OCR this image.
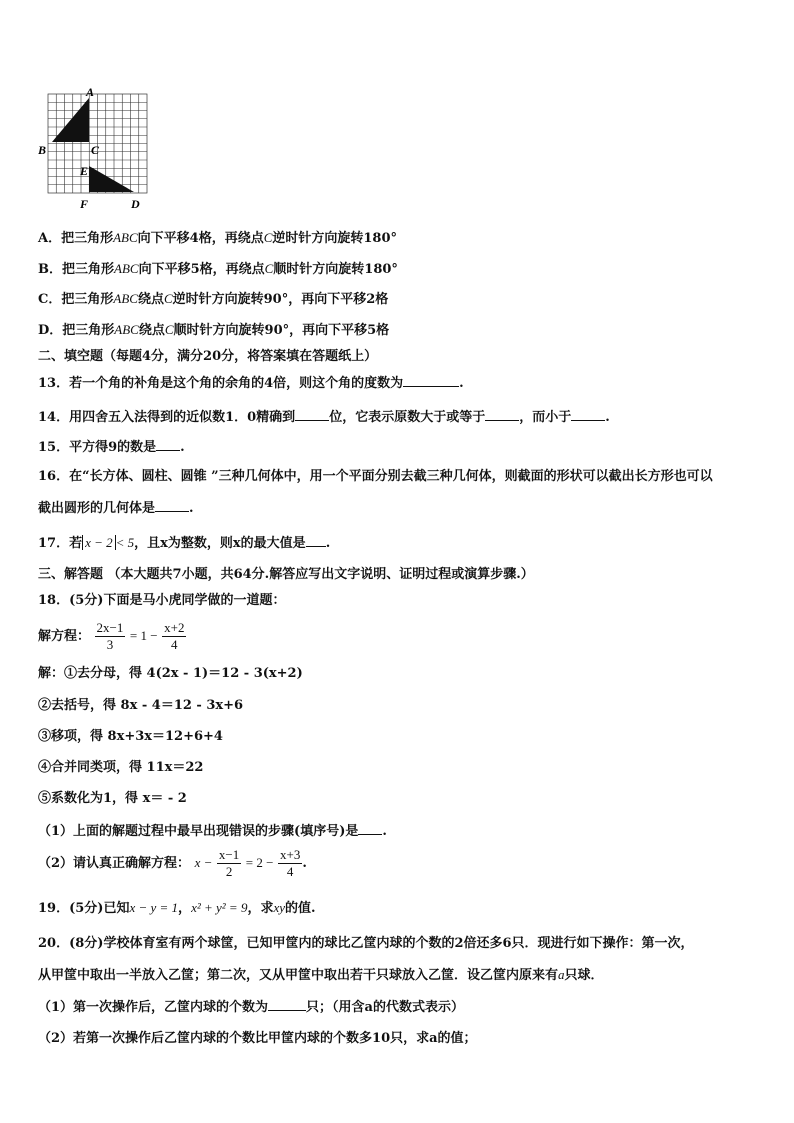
A
B	C
E
F	D
A．把三角形ABC向下平移4格，再绕点C逆时针方向旋转180°
B．把三角形ABC向下平移5格，再绕点C顺时针方向旋转180°
C．把三角形ABC绕点C逆时针方向旋转90°，再向下平移2格
D．把三角形ABC绕点C顺时针方向旋转90°，再向下平移5格
二、填空题（每题4分，满分20分，将答案填在答题纸上）
13．若一个角的补角是这个角的余角的4倍，则这个角的度数为	.
14．用四舍五入法得到的近似数1．0精确到	位，它表示原数大于或等于	，而小于	.
15．平方得9的数是 .
16．在“长方体、圆柱、圆锥 ”三种几何体中，用一个平面分别去截三种几何体，则截面的形状可以截出长方形也可以
截出圆形的几何体是	.
17．若 x − 2 < 5，且x为整数，则x的最大值是 .
三、解答题 （本大题共7小题，共64分.解答应写出文字说明、证明过程或演算步骤.）
18．(5分)下面是马小虎同学做的一道题：
解方程： $\frac{2x-1}{3} = 1 - \frac{x+2}{4}$
解：①去分母，得 4(2x - 1)＝12 - 3(x+2)
②去括号，得 8x - 4＝12 - 3x+6
③移项，得 8x+3x＝12+6+4
④合并同类项，得 11x＝22
⑤系数化为1，得 x＝ - 2
（1）上面的解题过程中最早出现错误的步骤(填序号)是 .
（2）请认真正确解方程： $x - \frac{x-1}{2} = 2 - \frac{x+3}{4}$ .
19．(5分)已知x − y = 1，x² + y² = 9，求xy的值.
20．(8分)学校体育室有两个球筐，已知甲筐内的球比乙筐内球的个数的2倍还多6只．现进行如下操作：第一次，
从甲筐中取出一半放入乙筐；第二次，又从甲筐中取出若干只球放入乙筐．设乙筐内原来有a只球．
（1）第一次操作后，乙筐内球的个数为	只；（用含a的代数式表示）
（2）若第一次操作后乙筐内球的个数比甲筐内球的个数多10只，求a的值；
